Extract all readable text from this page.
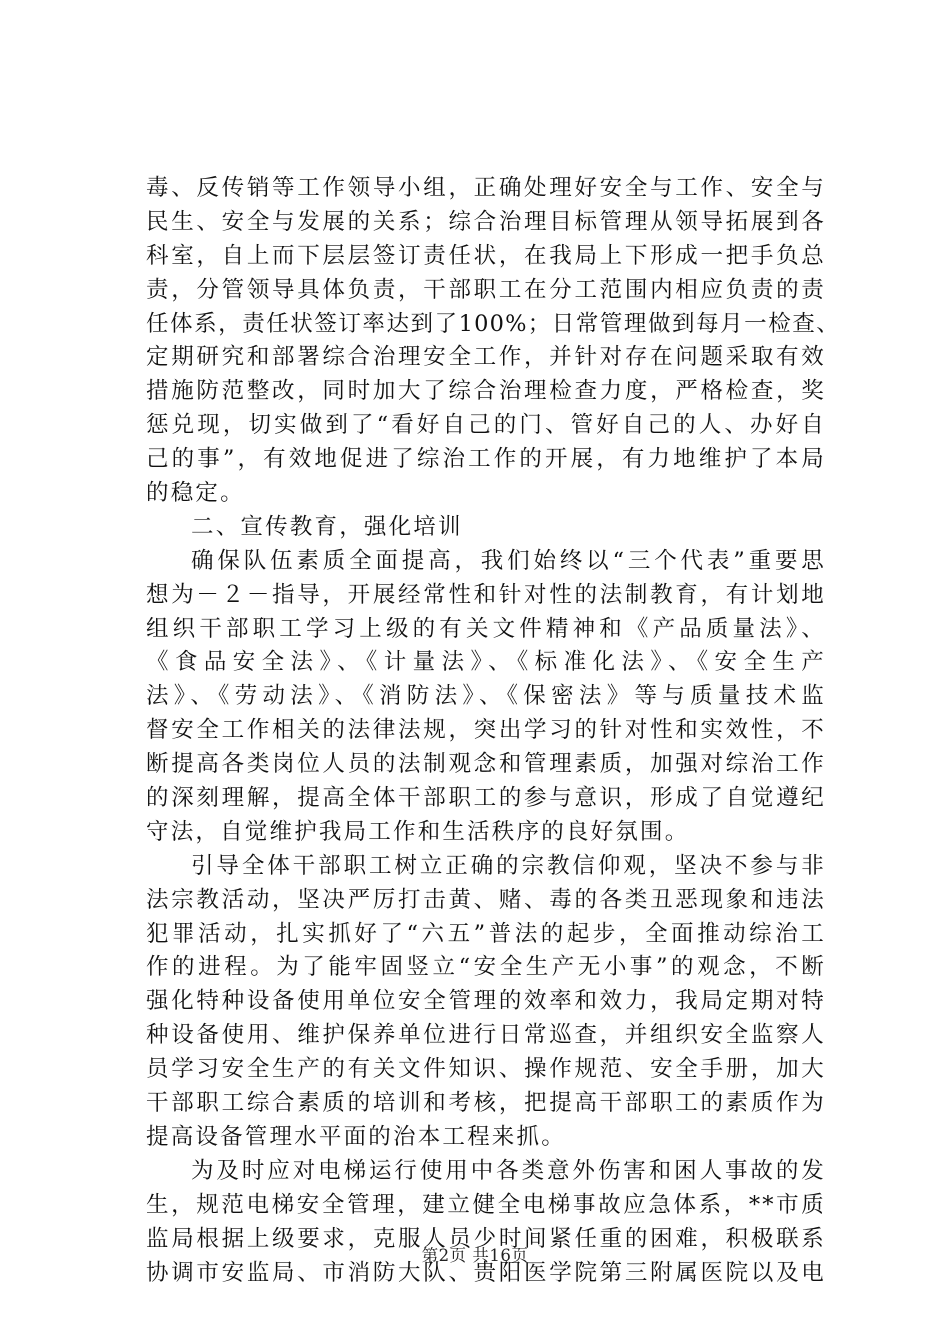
毒、反传销等工作领导小组，正确处理好安全与工作、安全与
民生、安全与发展的关系；综合治理目标管理从领导拓展到各
科室，自上而下层层签订责任状，在我局上下形成一把手负总
责，分管领导具体负责，干部职工在分工范围内相应负责的责
任体系，责任状签订率达到了100%；日常管理做到每月一检查、
定期研究和部署综合治理安全工作，并针对存在问题采取有效
措施防范整改，同时加大了综合治理检查力度，严格检查，奖
惩兑现，切实做到了“看好自己的门、管好自己的人、办好自
己的事”，有效地促进了综治工作的开展，有力地维护了本局
的稳定。
二、宣传教育，强化培训
确保队伍素质全面提高，我们始终以“三个代表”重要思
想为－２－指导，开展经常性和针对性的法制教育，有计划地
组织干部职工学习上级的有关文件精神和《产品质量法》、
《食品安全法》、《计量法》、《标准化法》、《安全生产
法》、《劳动法》、《消防法》、《保密法》等与质量技术监
督安全工作相关的法律法规，突出学习的针对性和实效性，不
断提高各类岗位人员的法制观念和管理素质，加强对综治工作
的深刻理解，提高全体干部职工的参与意识，形成了自觉遵纪
守法，自觉维护我局工作和生活秩序的良好氛围。
引导全体干部职工树立正确的宗教信仰观，坚决不参与非
法宗教活动，坚决严厉打击黄、赌、毒的各类丑恶现象和违法
犯罪活动，扎实抓好了“六五”普法的起步，全面推动综治工
作的进程。为了能牢固竖立“安全生产无小事”的观念，不断
强化特种设备使用单位安全管理的效率和效力，我局定期对特
种设备使用、维护保养单位进行日常巡查，并组织安全监察人
员学习安全生产的有关文件知识、操作规范、安全手册，加大
干部职工综合素质的培训和考核，把提高干部职工的素质作为
提高设备管理水平面的治本工程来抓。
为及时应对电梯运行使用中各类意外伤害和困人事故的发
生，规范电梯安全管理，建立健全电梯事故应急体系，**市质
监局根据上级要求，克服人员少时间紧任重的困难，积极联系
协调市安监局、市消防大队、贵阳医学院第三附属医院以及电
第2页 共16页
